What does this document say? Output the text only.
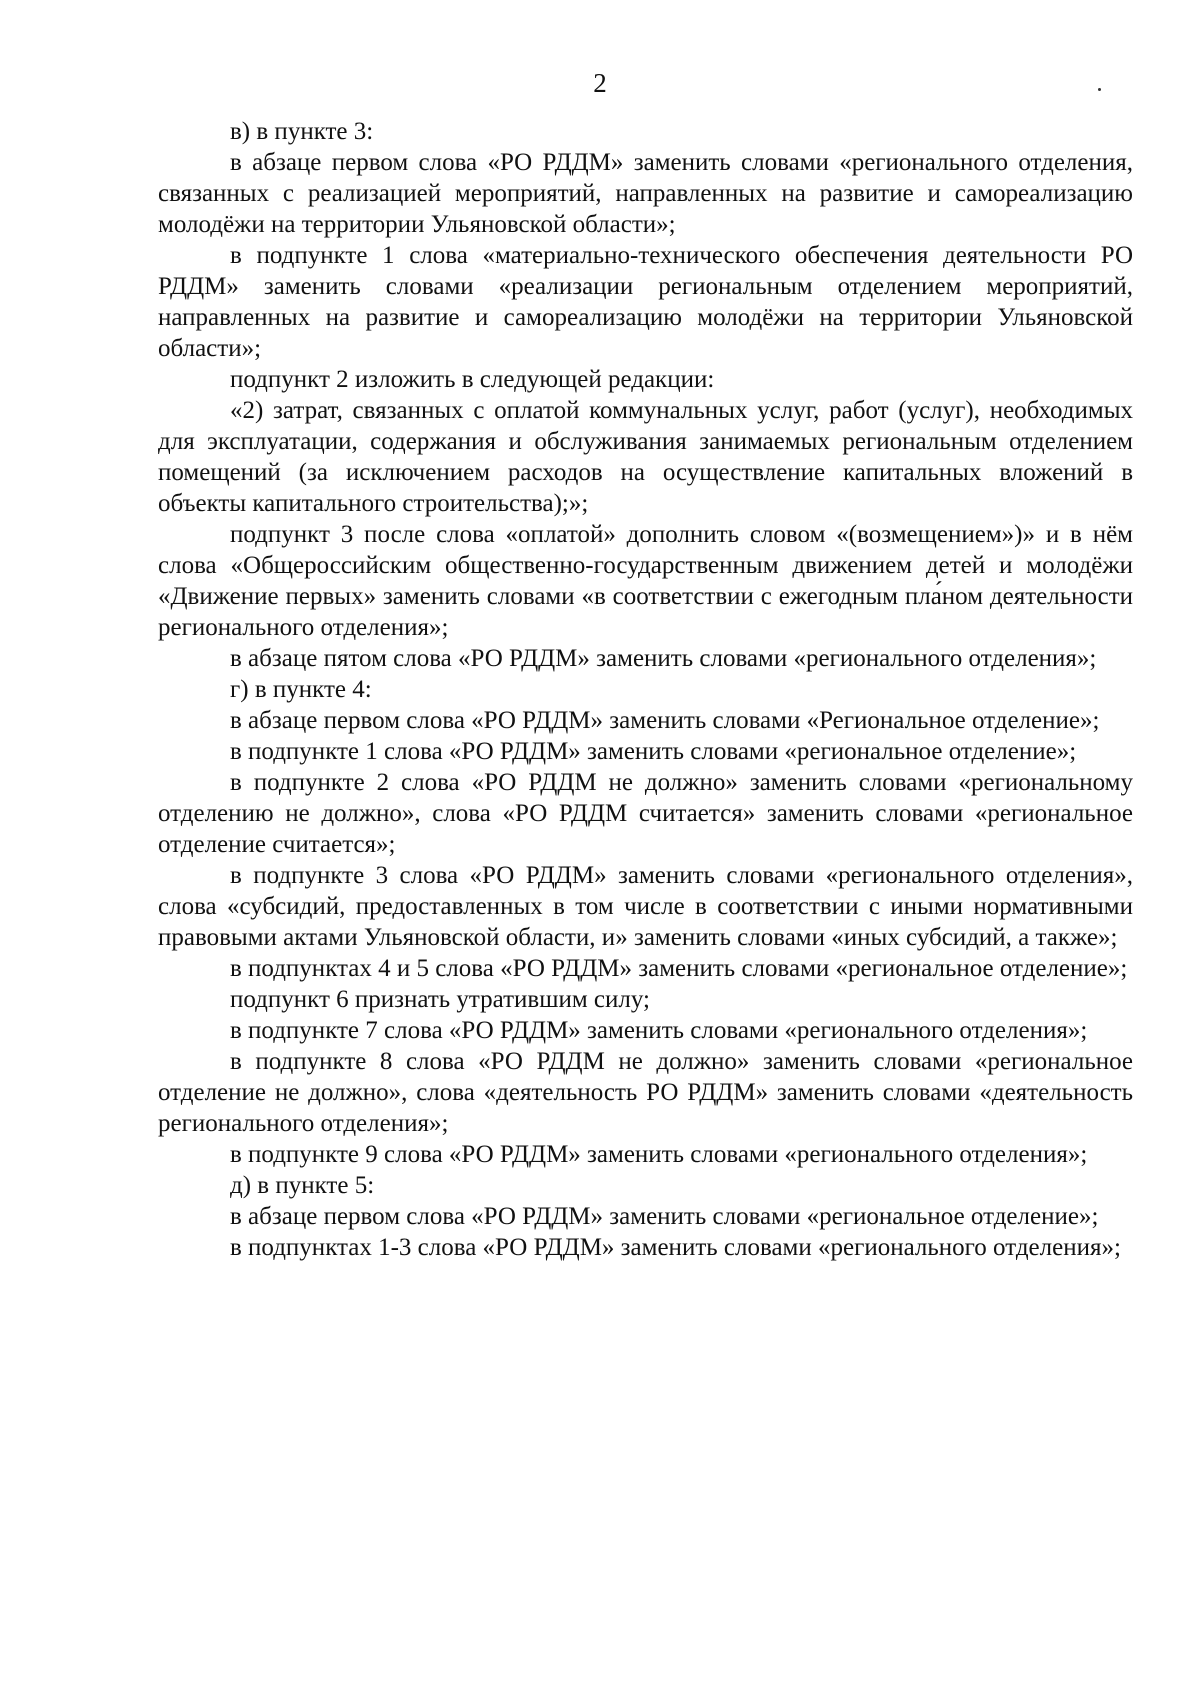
2

в) в пункте 3:

в абзаце первом слова «РО РДДМ» заменить словами «регионального отделения, связанных с реализацией мероприятий, направленных на развитие и самореализацию молодёжи на территории Ульяновской области»;

в подпункте 1 слова «материально-технического обеспечения деятельности РО РДДМ» заменить словами «реализации региональным отделением мероприятий, направленных на развитие и самореализацию молодёжи на территории Ульяновской области»;

подпункт 2 изложить в следующей редакции:

«2) затрат, связанных с оплатой коммунальных услуг, работ (услуг), необходимых для эксплуатации, содержания и обслуживания занимаемых региональным отделением помещений (за исключением расходов на осуществление капитальных вложений в объекты капитального строительства);»;

подпункт 3 после слова «оплатой» дополнить словом «(возмещением»)» и в нём слова «Общероссийским общественно-государственным движением детей и молодёжи «Движение первых» заменить словами «в соответствии с ежегодным пла́ном деятельности регионального отделения»;

в абзаце пятом слова «РО РДДМ» заменить словами «регионального отделения»;

г) в пункте 4:

в абзаце первом слова «РО РДДМ» заменить словами «Региональное отделение»;

в подпункте 1 слова «РО РДДМ» заменить словами «региональное отделение»;

в подпункте 2 слова «РО РДДМ не должно» заменить словами «региональному отделению не должно», слова «РО РДДМ считается» заменить словами «региональное отделение считается»;

в подпункте 3 слова «РО РДДМ» заменить словами «регионального отделения», слова «субсидий, предоставленных в том числе в соответствии с иными нормативными правовыми актами Ульяновской области, и» заменить словами «иных субсидий, а также»;

в подпунктах 4 и 5 слова «РО РДДМ» заменить словами «региональное отделение»;

подпункт 6 признать утратившим силу;

в подпункте 7 слова «РО РДДМ» заменить словами «регионального отделения»;

в подпункте 8 слова «РО РДДМ не должно» заменить словами «региональное отделение не должно», слова «деятельность РО РДДМ» заменить словами «деятельность регионального отделения»;

в подпункте 9 слова «РО РДДМ» заменить словами «регионального отделения»;

д) в пункте 5:

в абзаце первом слова «РО РДДМ» заменить словами «региональное отделение»;

в подпунктах 1-3 слова «РО РДДМ» заменить словами «регионального отделения»;
